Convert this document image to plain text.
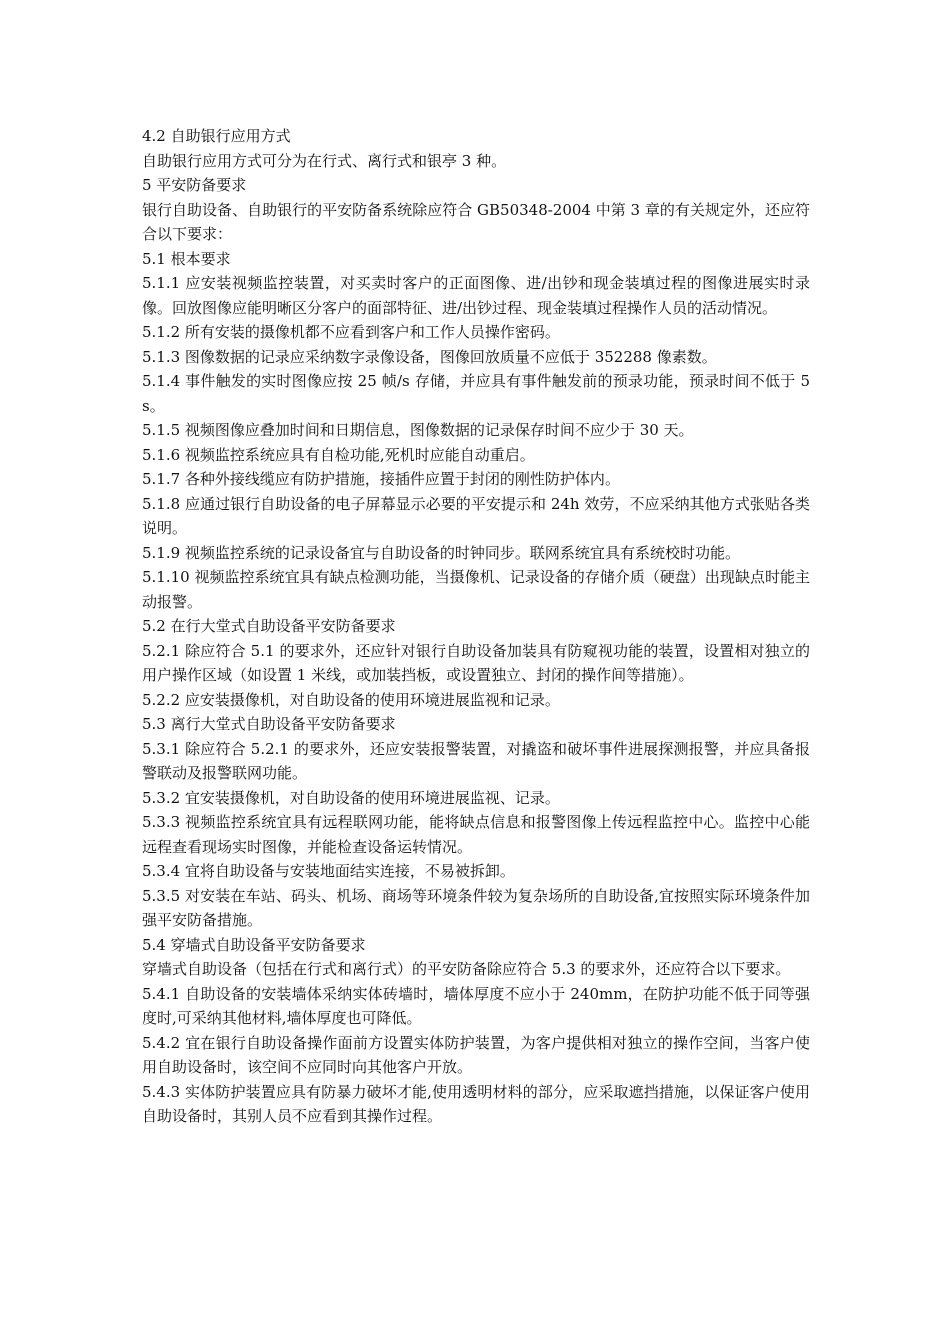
4.2 自助银行应用方式

自助银行应用方式可分为在行式、离行式和银亭 3 种。

5 平安防备要求

银行自助设备、自助银行的平安防备系统除应符合 GB50348-2004 中第 3 章的有关规定外，还应符合以下要求：

5.1 根本要求

5.1.1 应安装视频监控装置，对买卖时客户的正面图像、进/出钞和现金装填过程的图像进展实时录像。回放图像应能明晰区分客户的面部特征、进/出钞过程、现金装填过程操作人员的活动情况。

5.1.2 所有安装的摄像机都不应看到客户和工作人员操作密码。

5.1.3 图像数据的记录应采纳数字录像设备，图像回放质量不应低于 352288 像素数。

5.1.4 事件触发的实时图像应按 25 帧/s 存储，并应具有事件触发前的预录功能，预录时间不低于 5s。

5.1.5 视频图像应叠加时间和日期信息，图像数据的记录保存时间不应少于 30 天。

5.1.6 视频监控系统应具有自检功能,死机时应能自动重启。

5.1.7 各种外接线缆应有防护措施，接插件应置于封闭的刚性防护体内。

5.1.8 应通过银行自助设备的电子屏幕显示必要的平安提示和 24h 效劳，不应采纳其他方式张贴各类说明。

5.1.9 视频监控系统的记录设备宜与自助设备的时钟同步。联网系统宜具有系统校时功能。

5.1.10 视频监控系统宜具有缺点检测功能，当摄像机、记录设备的存储介质（硬盘）出现缺点时能主动报警。

5.2 在行大堂式自助设备平安防备要求

5.2.1 除应符合 5.1 的要求外，还应针对银行自助设备加装具有防窥视功能的装置，设置相对独立的用户操作区域（如设置 1 米线，或加装挡板，或设置独立、封闭的操作间等措施）。

5.2.2 应安装摄像机，对自助设备的使用环境进展监视和记录。

5.3 离行大堂式自助设备平安防备要求

5.3.1 除应符合 5.2.1 的要求外，还应安装报警装置，对撬盗和破坏事件进展探测报警，并应具备报警联动及报警联网功能。

5.3.2 宜安装摄像机，对自助设备的使用环境进展监视、记录。

5.3.3 视频监控系统宜具有远程联网功能，能将缺点信息和报警图像上传远程监控中心。监控中心能远程查看现场实时图像，并能检查设备运转情况。

5.3.4 宜将自助设备与安装地面结实连接，不易被拆卸。

5.3.5 对安装在车站、码头、机场、商场等环境条件较为复杂场所的自助设备,宜按照实际环境条件加强平安防备措施。

5.4 穿墙式自助设备平安防备要求

穿墙式自助设备（包括在行式和离行式）的平安防备除应符合 5.3 的要求外，还应符合以下要求。

5.4.1 自助设备的安装墙体采纳实体砖墙时，墙体厚度不应小于 240mm，在防护功能不低于同等强度时,可采纳其他材料,墙体厚度也可降低。

5.4.2 宜在银行自助设备操作面前方设置实体防护装置，为客户提供相对独立的操作空间，当客户使用自助设备时，该空间不应同时向其他客户开放。

5.4.3 实体防护装置应具有防暴力破坏才能,使用透明材料的部分，应采取遮挡措施，以保证客户使用自助设备时，其别人员不应看到其操作过程。
